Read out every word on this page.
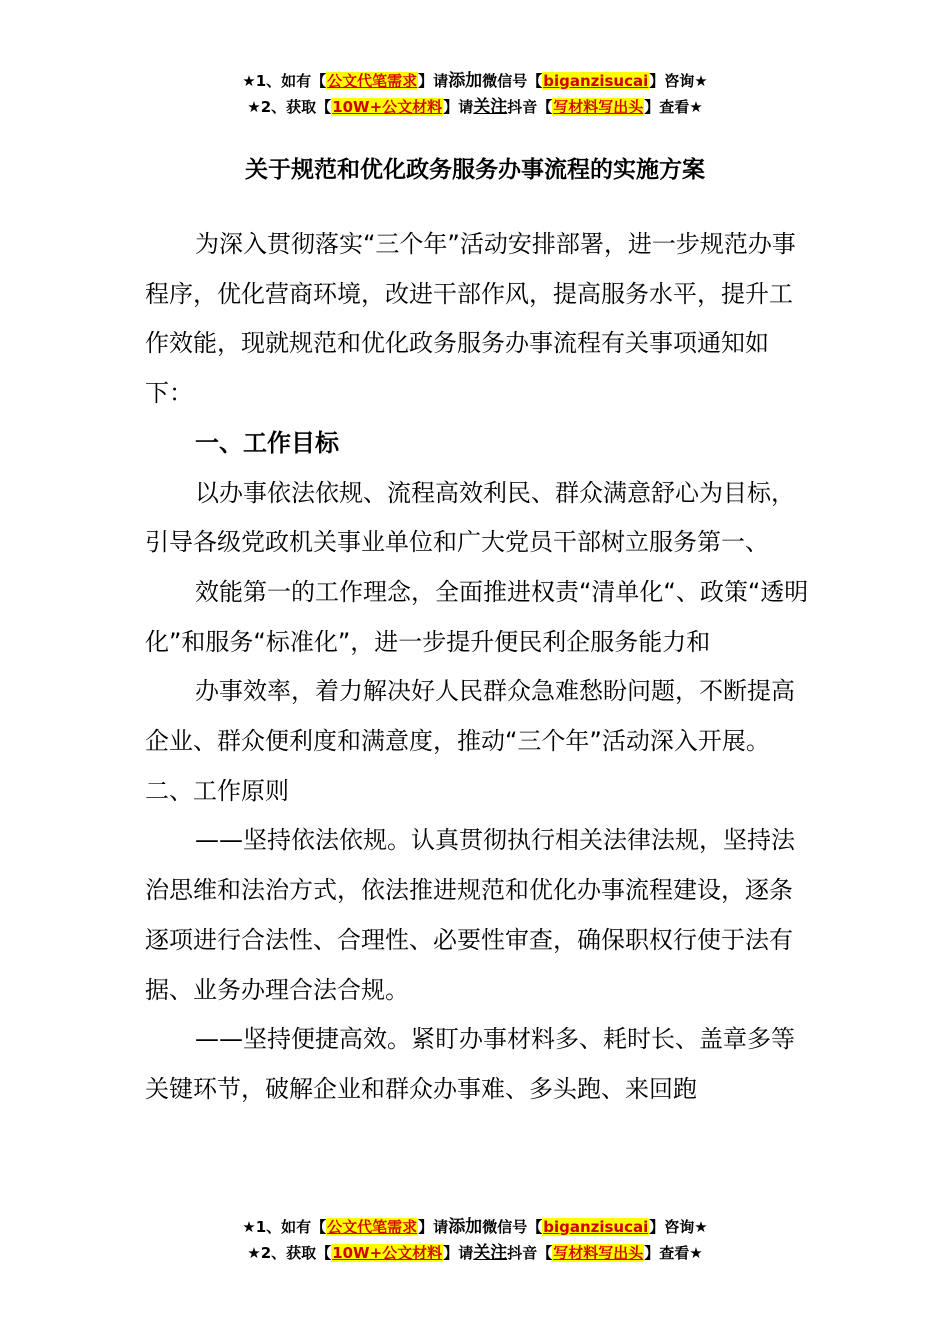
★1、如有【公文代笔需求】请添加微信号【biganzisucai】咨询★
★2、获取【10W+公文材料】请关注抖音【写材料写出头】查看★
关于规范和优化政务服务办事流程的实施方案

为深入贯彻落实“三个年”活动安排部署，进一步规范办事程序，优化营商环境，改进干部作风，提高服务水平，提升工作效能，现就规范和优化政务服务办事流程有关事项通知如下：

一、工作目标

以办事依法依规、流程高效利民、群众满意舒心为目标，引导各级党政机关事业单位和广大党员干部树立服务第一、

效能第一的工作理念，全面推进权责“清单化“、政策“透明化”和服务“标准化”，进一步提升便民利企服务能力和

办事效率，着力解决好人民群众急难愁盼问题，不断提高企业、群众便利度和满意度，推动“三个年”活动深入开展。二、工作原则

——坚持依法依规。认真贯彻执行相关法律法规，坚持法治思维和法治方式，依法推进规范和优化办事流程建设，逐条逐项进行合法性、合理性、必要性审查，确保职权行使于法有据、业务办理合法合规。

——坚持便捷高效。紧盯办事材料多、耗时长、盖章多等关键环节，破解企业和群众办事难、多头跑、来回跑

★1、如有【公文代笔需求】请添加微信号【biganzisucai】咨询★
★2、获取【10W+公文材料】请关注抖音【写材料写出头】查看★
